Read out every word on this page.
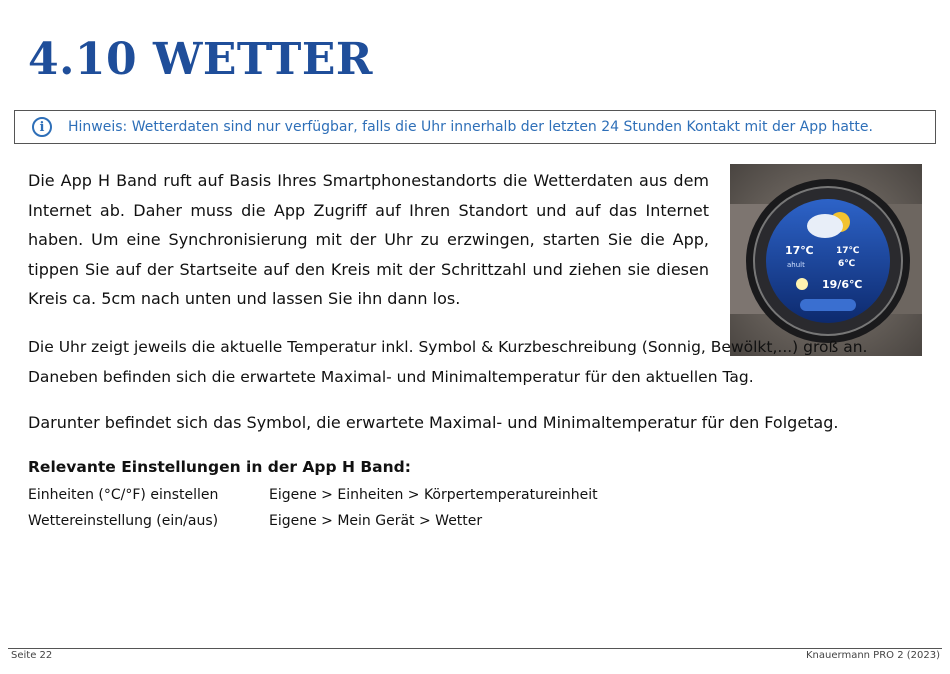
4.10 WETTER
i	Hinweis: Wetterdaten sind nur verfügbar, falls die Uhr innerhalb der letzten 24 Stunden Kontakt mit der App hatte.

Die App H Band ruft auf Basis Ihres Smartphonestandorts die Wetterdaten aus dem Internet ab. Daher muss die App Zugriff auf Ihren Standort und auf das Internet haben. Um eine Synchronisierung mit der Uhr zu erzwingen, starten Sie die App, tippen Sie auf der Startseite auf den Kreis mit der Schrittzahl und ziehen sie diesen Kreis ca. 5cm nach unten und lassen Sie ihn dann los.

17℃
ahult
17℃
6℃
19/6℃

Die Uhr zeigt jeweils die aktuelle Temperatur inkl. Symbol & Kurzbeschreibung (Sonnig, Bewölkt,...) groß an. Daneben befinden sich die erwartete Maximal- und Minimaltemperatur für den aktuellen Tag.

Darunter befindet sich das Symbol, die erwartete Maximal- und Minimaltemperatur für den Folgetag.

Relevante Einstellungen in der App H Band:

Einheiten (°C/°F) einstellen	Eigene > Einheiten > Körpertemperatureinheit
Wettereinstellung (ein/aus)	Eigene > Mein Gerät > Wetter
Seite 22	Knauermann PRO 2 (2023)
